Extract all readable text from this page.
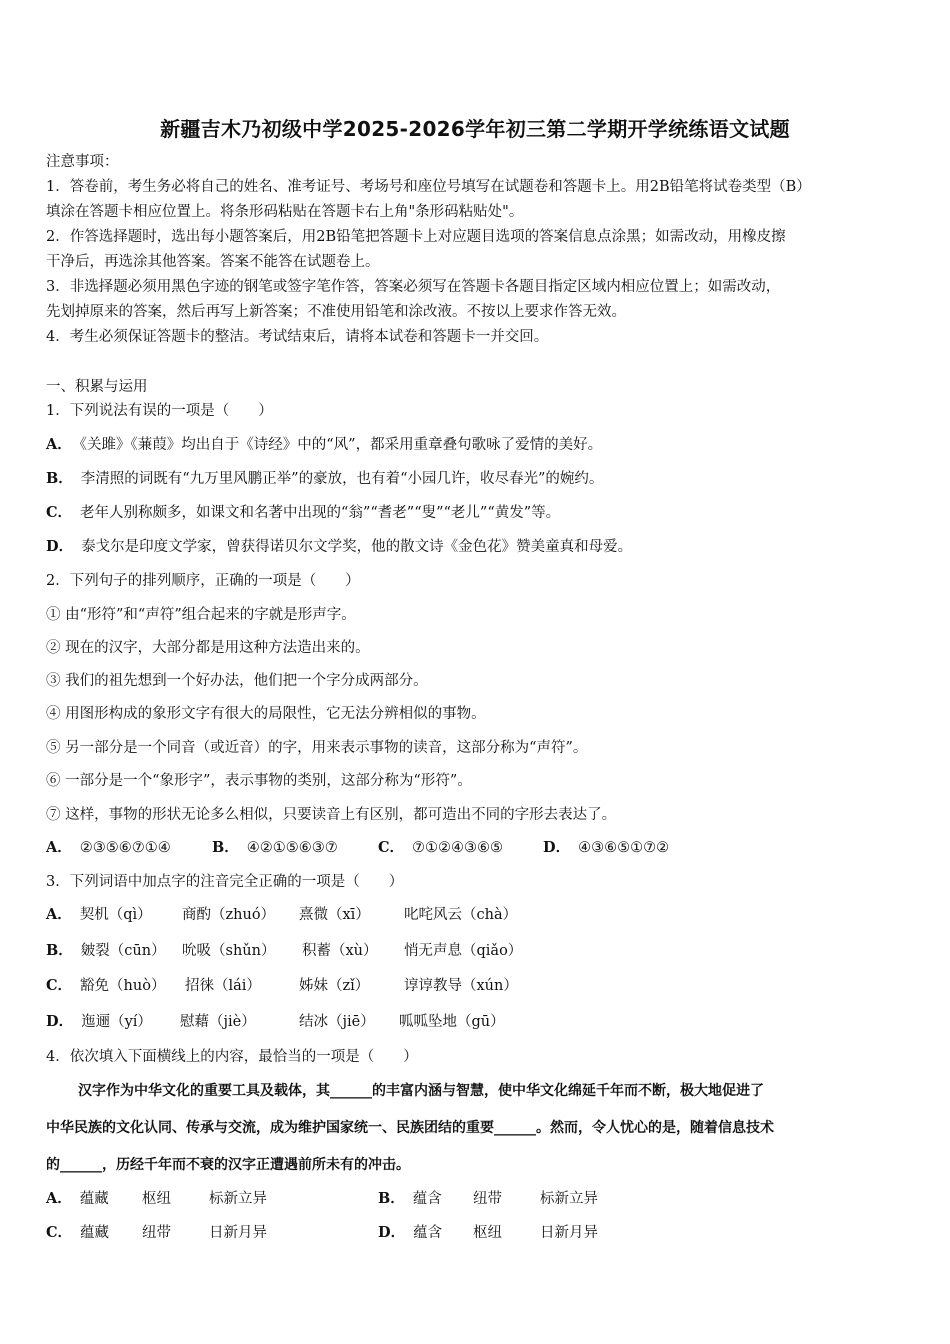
新疆吉木乃初级中学2025-2026学年初三第二学期开学统练语文试题
注意事项：
1．答卷前，考生务必将自己的姓名、准考证号、考场号和座位号填写在试题卷和答题卡上。用2B铅笔将试卷类型（B）
填涂在答题卡相应位置上。将条形码粘贴在答题卡右上角"条形码粘贴处"。
2．作答选择题时，选出每小题答案后，用2B铅笔把答题卡上对应题目选项的答案信息点涂黑；如需改动，用橡皮擦
干净后，再选涂其他答案。答案不能答在试题卷上。
3．非选择题必须用黑色字迹的钢笔或签字笔作答，答案必须写在答题卡各题目指定区域内相应位置上；如需改动，
先划掉原来的答案，然后再写上新答案；不准使用铅笔和涂改液。不按以上要求作答无效。
4．考生必须保证答题卡的整洁。考试结束后，请将本试卷和答题卡一并交回。
一、积累与运用
1．下列说法有误的一项是（　　）
A． 《关雎》《蒹葭》均出自于《诗经》中的“风”，都采用重章叠句歌咏了爱情的美好。
B． 李清照的词既有“九万里风鹏正举”的豪放，也有着“小园几许，收尽春光”的婉约。
C． 老年人别称颇多，如课文和名著中出现的“翁”“耆老”“叟”“老儿”“黄发”等。
D． 泰戈尔是印度文学家，曾获得诺贝尔文学奖，他的散文诗《金色花》赞美童真和母爱。
2．下列句子的排列顺序，正确的一项是（　　）
① 由“形符”和“声符”组合起来的字就是形声字。
② 现在的汉字，大部分都是用这种方法造出来的。
③ 我们的祖先想到一个好办法，他们把一个字分成两部分。
④ 用图形构成的象形文字有很大的局限性，它无法分辨相似的事物。
⑤ 另一部分是一个同音（或近音）的字，用来表示事物的读音，这部分称为“声符”。
⑥ 一部分是一个“象形字”，表示事物的类别，这部分称为“形符”。
⑦ 这样，事物的形状无论多么相似，只要读音上有区别，都可造出不同的字形去表达了。
A． ②③⑤⑥⑦①④	B． ④②①⑤⑥③⑦	C． ⑦①②④③⑥⑤	D． ④③⑥⑤①⑦②
3．下列词语中加点字的注音完全正确的一项是（　　）
A． 契机（qì） 商酌（zhuó） 熹微（xī） 叱咤风云（chà）
B． 皴裂（cūn） 吮吸（shǔn） 积蓄（xù） 悄无声息（qiǎo）
C． 豁免（huò） 招徕（lái）	姊妹（zǐ） 谆谆教导（xún）
D． 迤逦（yí） 慰藉（jiè）	结冰（jiē） 呱呱坠地（gū）
4．依次填入下面横线上的内容，最恰当的一项是（　　）
汉字作为中华文化的重要工具及载体，其______的丰富内涵与智慧，使中华文化绵延千年而不断，极大地促进了
中华民族的文化认同、传承与交流，成为维护国家统一、民族团结的重要______。然而，令人忧心的是，随着信息技术
的______，历经千年而不衰的汉字正遭遇前所未有的冲击。
A． 蕴藏 枢纽	标新立异	B． 蕴含 纽带	标新立异
C． 蕴藏 纽带	日新月异	D． 蕴含 枢纽	日新月异
